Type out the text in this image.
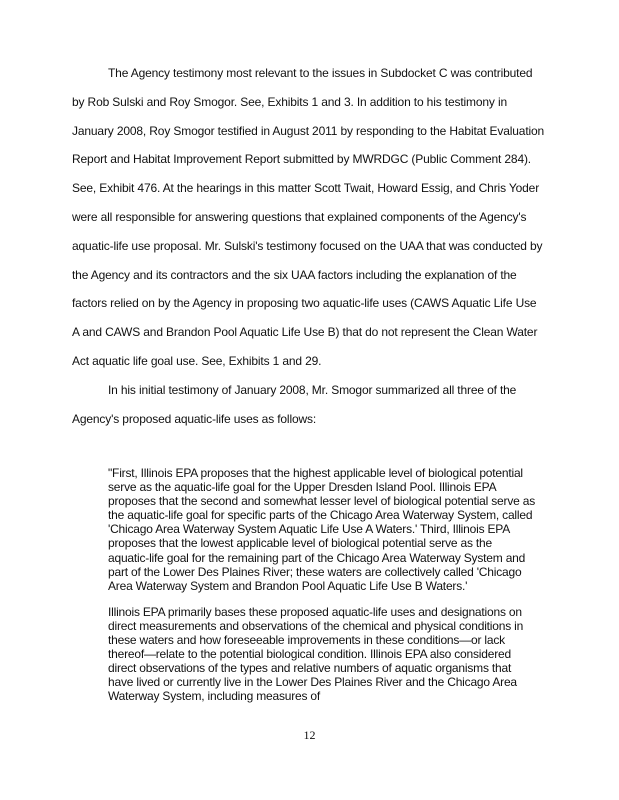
The Agency testimony most relevant to the issues in Subdocket C was contributed by Rob Sulski and Roy Smogor. See, Exhibits 1 and 3. In addition to his testimony in January 2008, Roy Smogor testified in August 2011 by responding to the Habitat Evaluation Report and Habitat Improvement Report submitted by MWRDGC (Public Comment 284). See, Exhibit 476. At the hearings in this matter Scott Twait, Howard Essig, and Chris Yoder were all responsible for answering questions that explained components of the Agency's aquatic-life use proposal. Mr. Sulski's testimony focused on the UAA that was conducted by the Agency and its contractors and the six UAA factors including the explanation of the factors relied on by the Agency in proposing two aquatic-life uses (CAWS Aquatic Life Use A and CAWS and Brandon Pool Aquatic Life Use B) that do not represent the Clean Water Act aquatic life goal use. See, Exhibits 1 and 29.

In his initial testimony of January 2008, Mr. Smogor summarized all three of the Agency's proposed aquatic-life uses as follows:

"First, Illinois EPA proposes that the highest applicable level of biological potential serve as the aquatic-life goal for the Upper Dresden Island Pool. Illinois EPA proposes that the second and somewhat lesser level of biological potential serve as the aquatic-life goal for specific parts of the Chicago Area Waterway System, called 'Chicago Area Waterway System Aquatic Life Use A Waters.' Third, Illinois EPA proposes that the lowest applicable level of biological potential serve as the aquatic-life goal for the remaining part of the Chicago Area Waterway System and part of the Lower Des Plaines River; these waters are collectively called 'Chicago Area Waterway System and Brandon Pool Aquatic Life Use B Waters.'

Illinois EPA primarily bases these proposed aquatic-life uses and designations on direct measurements and observations of the chemical and physical conditions in these waters and how foreseeable improvements in these conditions—or lack thereof—relate to the potential biological condition. Illinois EPA also considered direct observations of the types and relative numbers of aquatic organisms that have lived or currently live in the Lower Des Plaines River and the Chicago Area Waterway System, including measures of

12
